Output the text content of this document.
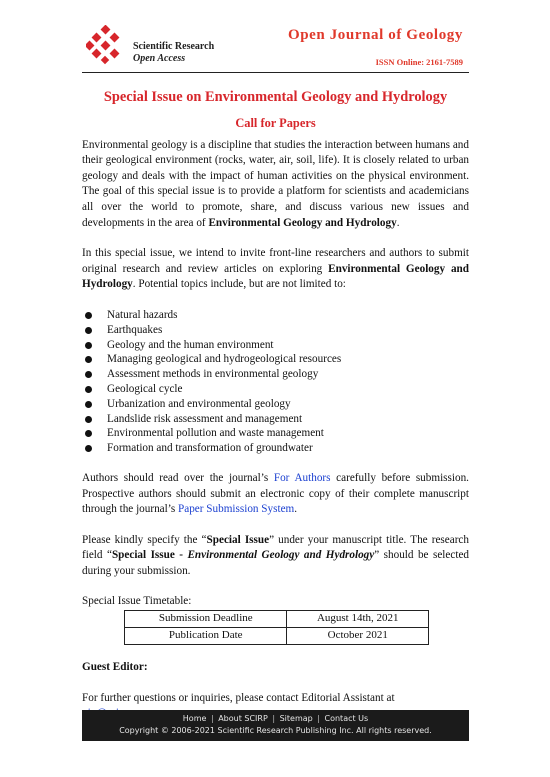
Scientific Research
Open Access
Open Journal of Geology
ISSN Online: 2161-7589
Special Issue on Environmental Geology and Hydrology
Call for Papers

Environmental geology is a discipline that studies the interaction between humans and their geological environment (rocks, water, air, soil, life). It is closely related to urban geology and deals with the impact of human activities on the physical environment. The goal of this special issue is to provide a platform for scientists and academicians all over the world to promote, share, and discuss various new issues and developments in the area of Environmental Geology and Hydrology.

In this special issue, we intend to invite front-line researchers and authors to submit original research and review articles on exploring Environmental Geology and Hydrology. Potential topics include, but are not limited to:

Natural hazards
Earthquakes
Geology and the human environment
Managing geological and hydrogeological resources
Assessment methods in environmental geology
Geological cycle
Urbanization and environmental geology
Landslide risk assessment and management
Environmental pollution and waste management
Formation and transformation of groundwater

Authors should read over the journal’s For Authors carefully before submission. Prospective authors should submit an electronic copy of their complete manuscript through the journal’s Paper Submission System.

Please kindly specify the “Special Issue” under your manuscript title. The research field “Special Issue - Environmental Geology and Hydrology” should be selected during your submission.

Special Issue Timetable:

Submission Deadline	August 14th, 2021
Publication Date	October 2021

Guest Editor:

For further questions or inquiries, please contact Editorial Assistant at

Home | About SCIRP | Sitemap | Contact Us
Copyright © 2006-2021 Scientific Research Publishing Inc. All rights reserved.
